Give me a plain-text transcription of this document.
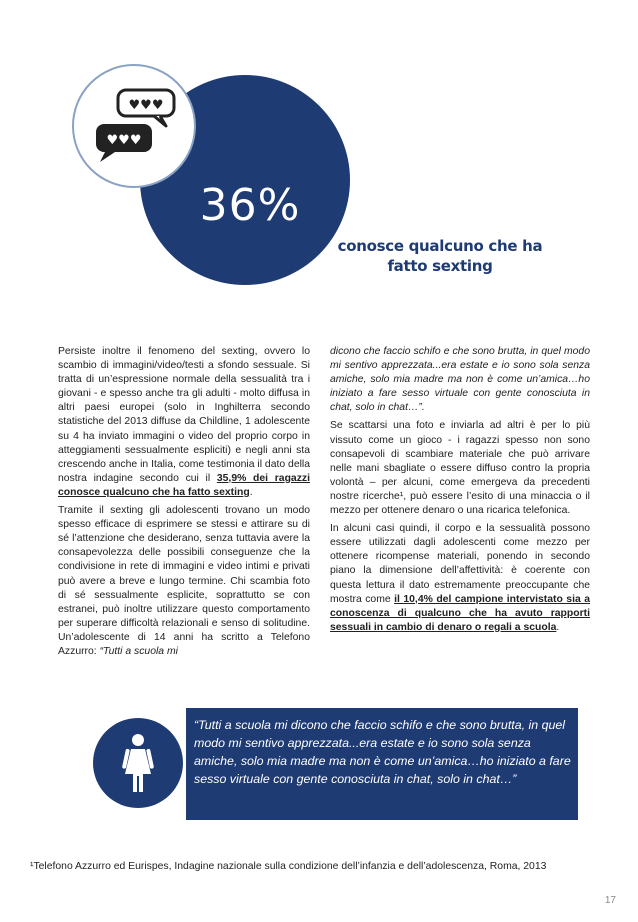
♥♥♥
♥♥♥
36%
conosce qualcuno che ha fatto sexting

Persiste inoltre il fenomeno del sexting, ovvero lo scambio di immagini/video/testi a sfondo sessuale. Si tratta di un’espressione normale della sessualità tra i giovani - e spesso anche tra gli adulti - molto diffusa in altri paesi europei (solo in Inghilterra secondo statistiche del 2013 diffuse da Childline, 1 adolescente su 4 ha inviato immagini o video del proprio corpo in atteggiamenti sessualmente espliciti) e negli anni sta crescendo anche in Italia, come testimonia il dato della nostra indagine secondo cui il 35,9% dei ragazzi conosce qualcuno che ha fatto sexting.

Tramite il sexting gli adolescenti trovano un modo spesso efficace di esprimere se stessi e attirare su di sé l’attenzione che desiderano, senza tuttavia avere la consapevolezza delle possibili conseguenze che la condivisione in rete di immagini e video intimi e privati può avere a breve e lungo termine. Chi scambia foto di sé sessualmente esplicite, soprattutto se con estranei, può inoltre utilizzare questo comportamento per superare difficoltà relazionali e senso di solitudine. Un’adolescente di 14 anni ha scritto a Telefono Azzurro: “Tutti a scuola mi

dicono che faccio schifo e che sono brutta, in quel modo mi sentivo apprezzata...era estate e io sono sola senza amiche, solo mia madre ma non è come un’amica…ho iniziato a fare sesso virtuale con gente conosciuta in chat, solo in chat…”.

Se scattarsi una foto e inviarla ad altri è per lo più vissuto come un gioco - i ragazzi spesso non sono consapevoli di scambiare materiale che può arrivare nelle mani sbagliate o essere diffuso contro la propria volontà – per alcuni, come emergeva da precedenti nostre ricerche¹, può essere l’esito di una minaccia o il mezzo per ottenere denaro o una ricarica telefonica.

In alcuni casi quindi, il corpo e la sessualità possono essere utilizzati dagli adolescenti come mezzo per ottenere ricompense materiali, ponendo in secondo piano la dimensione dell’affettività: è coerente con questa lettura il dato estremamente preoccupante che mostra come il 10,4% del campione intervistato sia a conoscenza di qualcuno che ha avuto rapporti sessuali in cambio di denaro o regali a scuola.

“Tutti a scuola mi dicono che faccio schifo e che sono brutta, in quel modo mi sentivo apprezzata...era estate e io sono sola senza amiche, solo mia madre ma non è come un’amica…ho iniziato a fare sesso virtuale con gente conosciuta in chat, solo in chat…”
¹Telefono Azzurro ed Eurispes, Indagine nazionale sulla condizione dell’infanzia e dell’adolescenza, Roma, 2013
17
